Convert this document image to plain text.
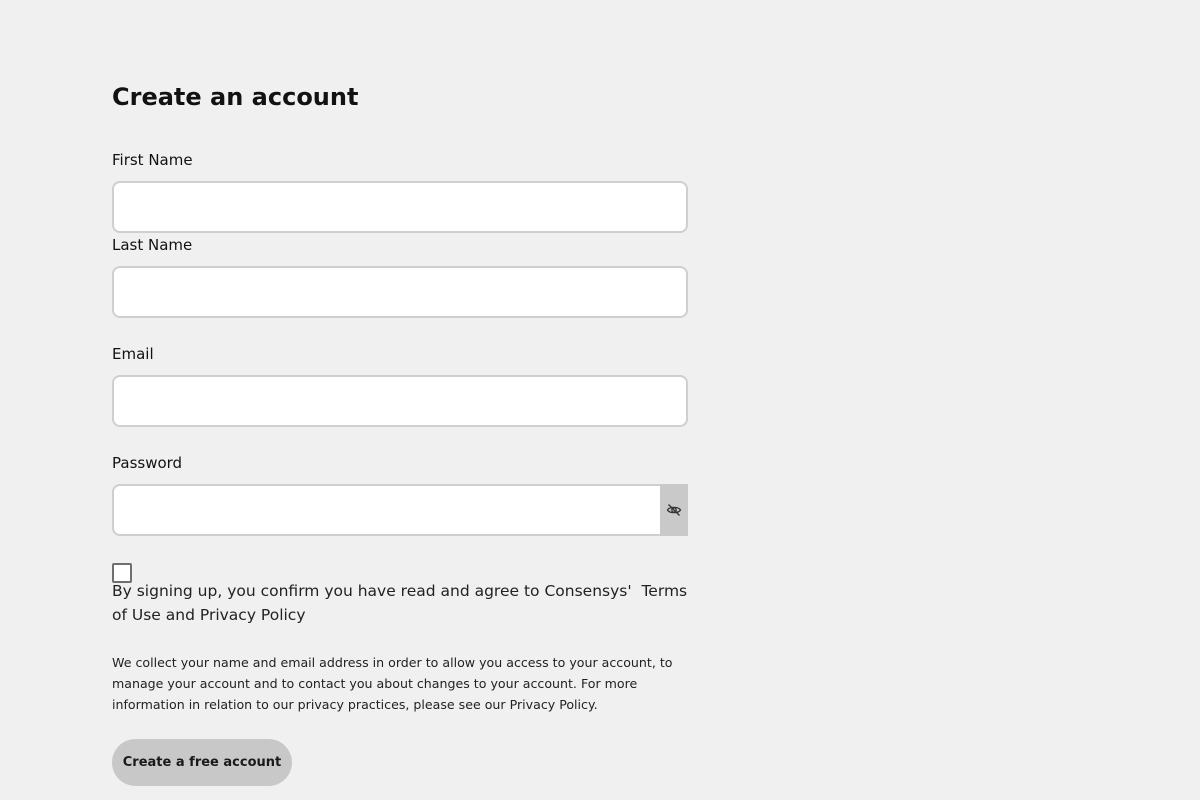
Create an account
First Name
Last Name
Email
Password
By signing up, you confirm you have read and agree to Consensys' Terms of Use and Privacy Policy
We collect your name and email address in order to allow you access to your account, to manage your account and to contact you about changes to your account. For more information in relation to our privacy practices, please see our Privacy Policy.
Create a free account
